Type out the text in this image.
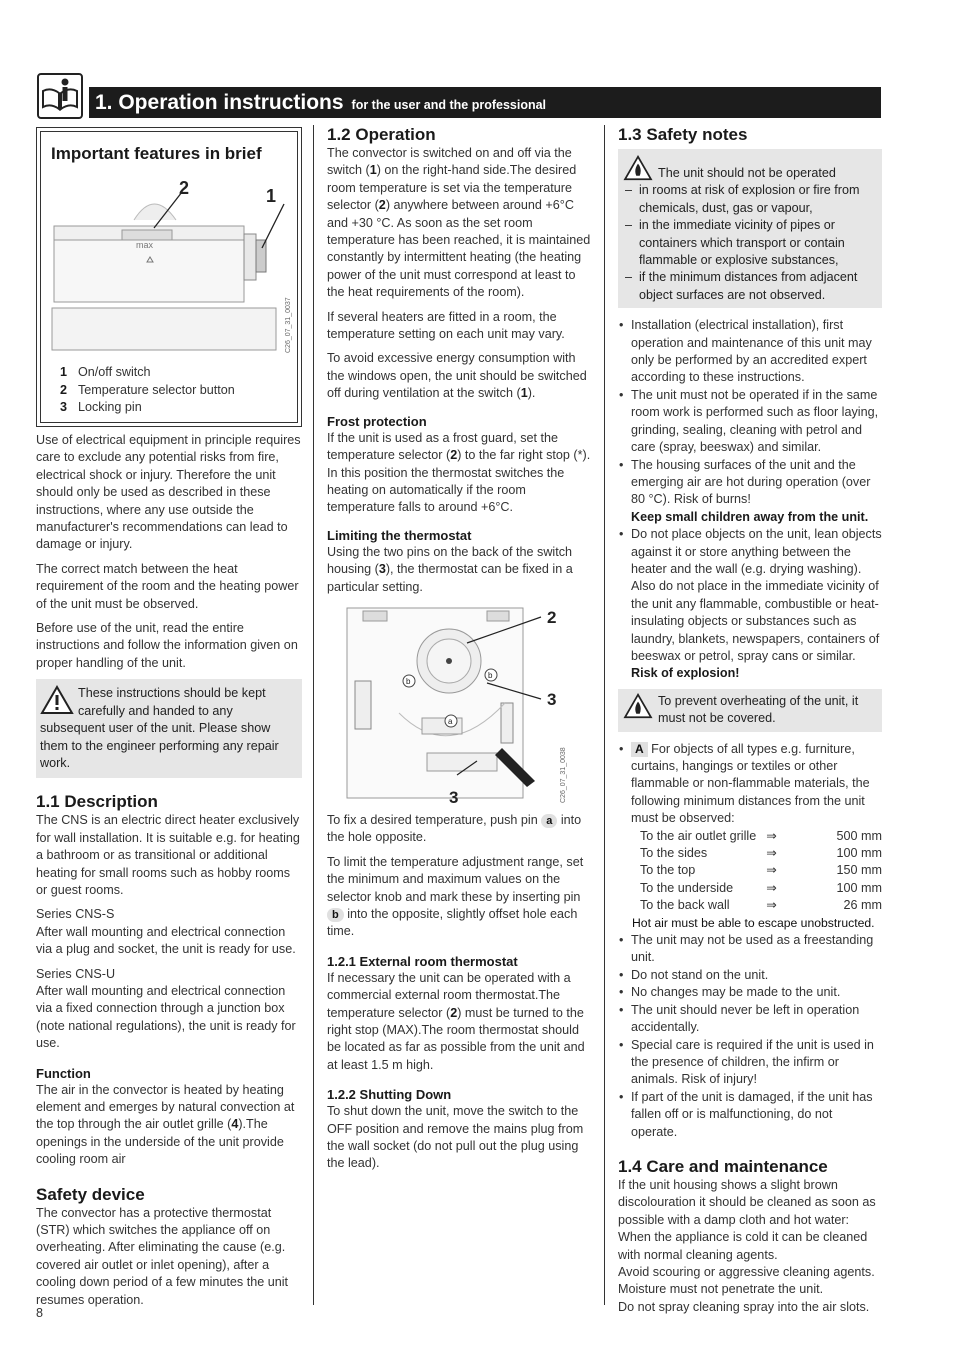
1. Operation instructions for the user and the professional
Important features in brief
max
2	1
C26_07_31_0037
1 On/off switch
2 Temperature selector button
3 Locking pin

Use of electrical equipment in principle requires care to exclude any potential risks from fire, electrical shock or injury. Therefore the unit should only be used as described in these instructions, where any use outside the manufacturer's recommendations can lead to damage or injury.

The correct match between the heat requirement of the room and the heating power of the unit must be observed.

Before use of the unit, read the entire instructions and follow the information given on proper handling of the unit.

These instructions should be kept carefully and handed to any subsequent user of the unit. Please show them to the engineer performing any repair work.
1.1 Description

The CNS is an electric direct heater exclusively for wall installation. It is suitable e.g. for heating a bathroom or as transitional or additional heating for small rooms such as hobby rooms or guest rooms.

Series CNS-S

After wall mounting and electrical connection via a plug and socket, the unit is ready for use.

Series CNS-U

After wall mounting and electrical connection via a fixed connection through a junction box (note national regulations), the unit is ready for use.

Function

The air in the convector is heated by heating element and emerges by natural convection at the top through the air outlet grille (4).The openings in the underside of the unit provide cooling room air

Safety device

The convector has a protective thermostat (STR) which switches the appliance off on overheating. After eliminating the cause (e.g. covered air outlet or inlet opening), after a cooling down period of a few minutes the unit resumes operation.

1.2 Operation

The convector is switched on and off via the switch (1) on the right-hand side.The desired room temperature is set via the temperature selector (2) anywhere between around +6°C and +30 °C. As soon as the set room temperature has been reached, it is maintained constantly by intermittent heating (the heating power of the unit must correspond at least to the heat requirements of the room).

If several heaters are fitted in a room, the temperature setting on each unit may vary.

To avoid excessive energy consumption with the windows open, the unit should be switched off during ventilation at the switch (1).

Frost protection

If the unit is used as a frost guard, set the temperature selector (2) to the far right stop (*). In this position the thermostat switches the heating on automatically if the room temperature falls to around +6°C.

Limiting the thermostat

Using the two pins on the back of the switch housing (3), the thermostat can be fixed in a particular setting.

b
b
a
2
3
3	C26_07_31_0038

To fix a desired temperature, push pin a into the hole opposite.

To limit the temperature adjustment range, set the minimum and maximum values on the selector knob and mark these by inserting pin b into the opposite, slightly offset hole each time.

1.2.1 External room thermostat

If necessary the unit can be operated with a commercial external room thermostat.The temperature selector (2) must be turned to the right stop (MAX).The room thermostat should be located as far as possible from the unit and at least 1.5 m high.

1.2.2 Shutting Down

To shut down the unit, move the switch to the OFF position and remove the mains plug from the wall socket (do not pull out the plug using the lead).

1.3 Safety notes
The unit should not be operated
– in rooms at risk of explosion or fire from chemicals, dust, gas or vapour,
– in the immediate vicinity of pipes or containers which transport or contain flammable or explosive substances,
– if the minimum distances from adjacent object surfaces are not observed.
• Installation (electrical installation), first operation and maintenance of this unit may only be performed by an accredited expert according to these instructions.
• The unit must not be operated if in the same room work is performed such as floor laying, grinding, sealing, cleaning with petrol and care (spray, beeswax) and similar.
• The housing surfaces of the unit and the emerging air are hot during operation (over 80 °C). Risk of burns!
Keep small children away from the unit.
• Do not place objects on the unit, lean objects against it or store anything between the heater and the wall (e.g. drying washing). Also do not place in the immediate vicinity of the unit any flammable, combustible or heat-insulating objects or substances such as laundry, blankets, newspapers, containers of beeswax or petrol, spray cans or similar.
Risk of explosion!
To prevent overheating of the unit, it must not be covered.
• A For objects of all types e.g. furniture, curtains, hangings or textiles or other flammable or non-flammable materials, the following minimum distances from the unit must be observed:
To the air outlet grille ⇒	500 mm
To the sides	⇒	100 mm
To the top	⇒	150 mm
To the underside	⇒	100 mm
To the back wall	⇒	26 mm
Hot air must be able to escape unobstructed.
• The unit may not be used as a freestanding unit.
• Do not stand on the unit.
• No changes may be made to the unit.
• The unit should never be left in operation accidentally.
• Special care is required if the unit is used in the presence of children, the infirm or animals. Risk of injury!
• If part of the unit is damaged, if the unit has fallen off or is malfunctioning, do not operate.
1.4 Care and maintenance

If the unit housing shows a slight brown discolouration it should be cleaned as soon as possible with a damp cloth and hot water:

When the appliance is cold it can be cleaned with normal cleaning agents.

Avoid scouring or aggressive cleaning agents.

Moisture must not penetrate the unit.

Do not spray cleaning spray into the air slots.

8
